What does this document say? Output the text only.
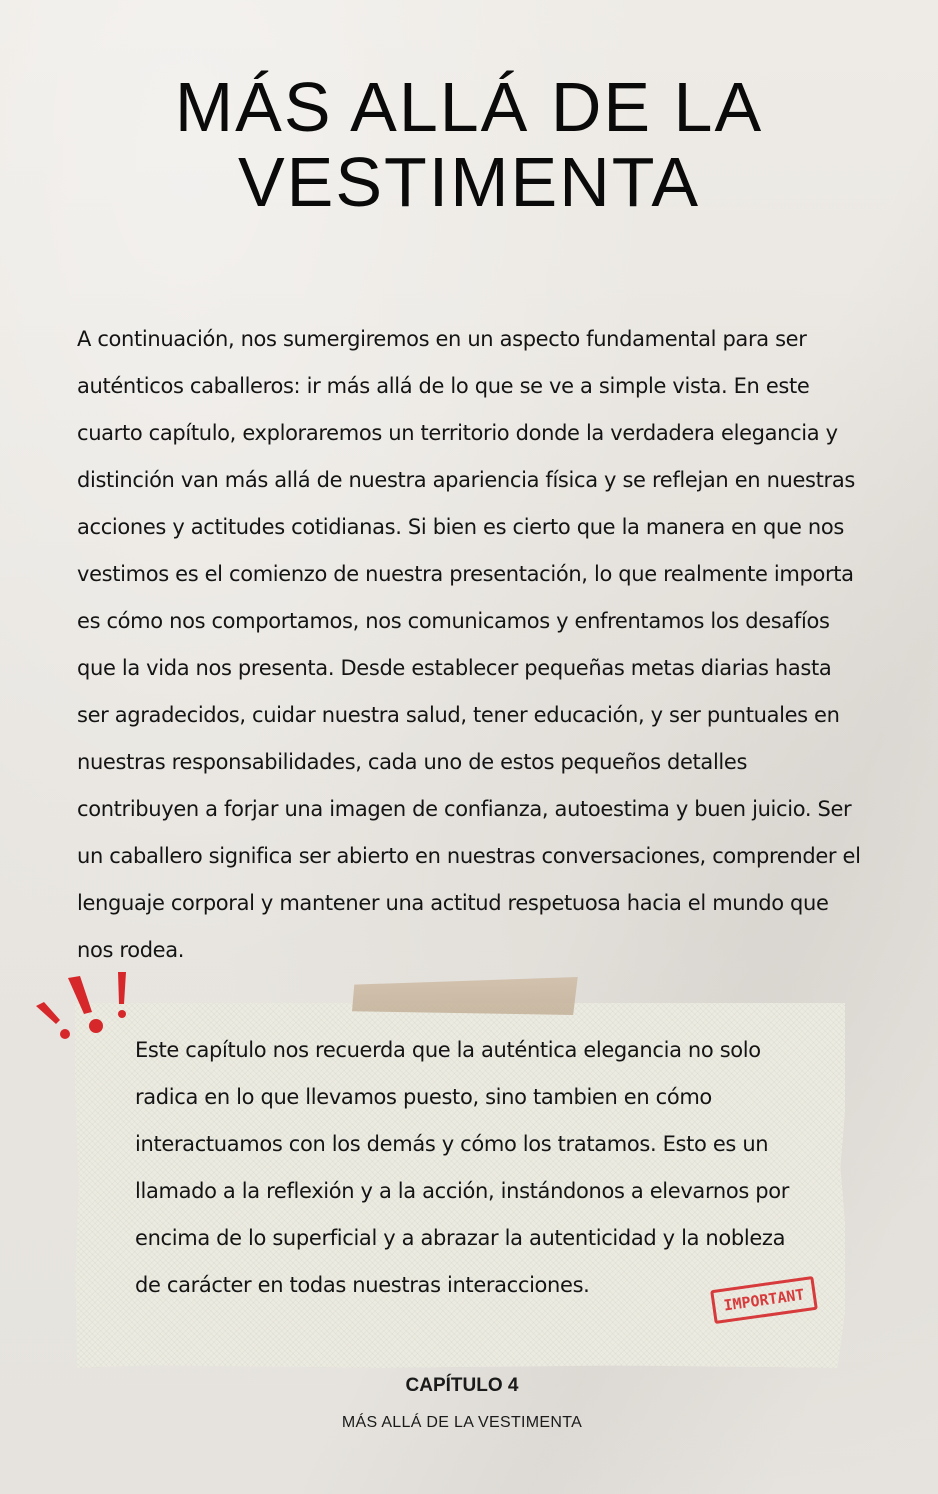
MÁS ALLÁ DE LA
VESTIMENTA

A continuación, nos sumergiremos en un aspecto fundamental para ser auténticos caballeros: ir más allá de lo que se ve a simple vista. En este cuarto capítulo, exploraremos un territorio donde la verdadera elegancia y distinción van más allá de nuestra apariencia física y se reflejan en nuestras acciones y actitudes cotidianas. Si bien es cierto que la manera en que nos vestimos es el comienzo de nuestra presentación, lo que realmente importa es cómo nos comportamos, nos comunicamos y enfrentamos los desafíos que la vida nos presenta. Desde establecer pequeñas metas diarias hasta ser agradecidos, cuidar nuestra salud, tener educación, y ser puntuales en nuestras responsabilidades, cada uno de estos pequeños detalles contribuyen a forjar una imagen de confianza, autoestima y buen juicio. Ser un caballero significa ser abierto en nuestras conversaciones, comprender el lenguaje corporal y mantener una actitud respetuosa hacia el mundo que nos rodea.

Este capítulo nos recuerda que la auténtica elegancia no solo radica en lo que llevamos puesto, sino tambien en cómo interactuamos con los demás y cómo los tratamos. Esto es un llamado a la reflexión y a la acción, instándonos a elevarnos por encima de lo superficial y a abrazar la autenticidad y la nobleza de carácter en todas nuestras interacciones.

IMPORTANT

CAPÍTULO 4

MÁS ALLÁ DE LA VESTIMENTA
